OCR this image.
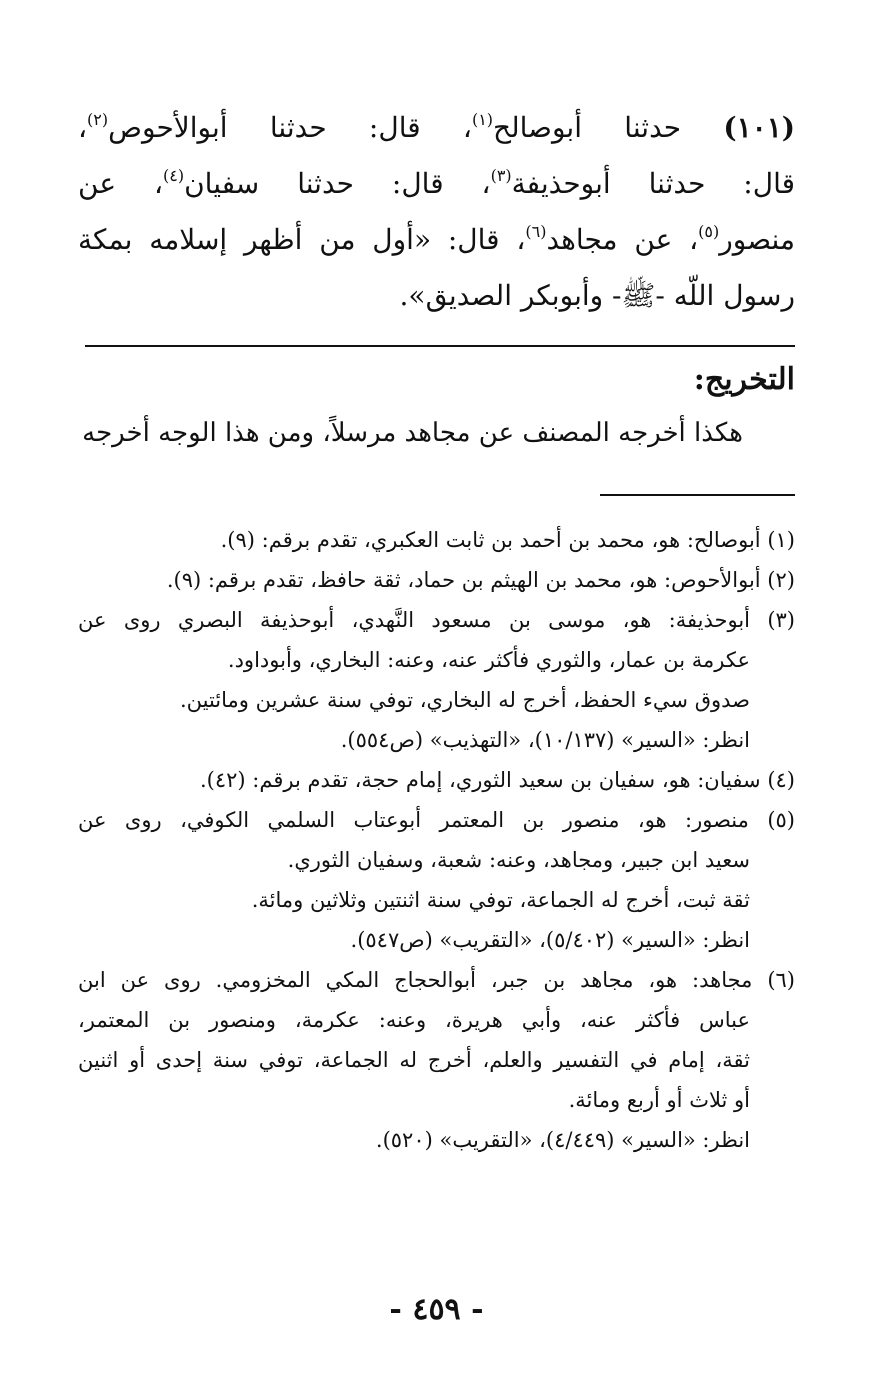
(١٠١) حدثنا أبوصالح$^{(١)}$، قال: حدثنا أبوالأحوص$^{(٢)}$،
قال: حدثنا أبوحذيفة$^{(٣)}$، قال: حدثنا سفيان$^{(٤)}$، عن
منصور$^{(٥)}$، عن مجاهد$^{(٦)}$، قال: «أول من أظهر إسلامه بمكة
رسول اللّه -ﷺ- وأبوبكر الصديق».
التخريج:
هكذا أخرجه المصنف عن مجاهد مرسلاً، ومن هذا الوجه أخرجه
(١) أبوصالح: هو، محمد بن أحمد بن ثابت العكبري، تقدم برقم: (٩).
(٢) أبوالأحوص: هو، محمد بن الهيثم بن حماد، ثقة حافظ، تقدم برقم: (٩).
(٣) أبوحذيفة: هو، موسى بن مسعود النَّهدي، أبوحذيفة البصري روى عن
عكرمة بن عمار، والثوري فأكثر عنه، وعنه: البخاري، وأبوداود.
صدوق سيء الحفظ، أخرج له البخاري، توفي سنة عشرين ومائتين.
انظر: «السير» (١٠/١٣٧)، «التهذيب» (ص٥٥٤).
(٤) سفيان: هو، سفيان بن سعيد الثوري، إمام حجة، تقدم برقم: (٤٢).
(٥) منصور: هو، منصور بن المعتمر أبوعتاب السلمي الكوفي، روى عن
سعيد ابن جبير، ومجاهد، وعنه: شعبة، وسفيان الثوري.
ثقة ثبت، أخرج له الجماعة، توفي سنة اثنتين وثلاثين ومائة.
انظر: «السير» (٥/٤٠٢)، «التقريب» (ص٥٤٧).
(٦) مجاهد: هو، مجاهد بن جبر، أبوالحجاج المكي المخزومي. روى عن ابن
عباس فأكثر عنه، وأبي هريرة، وعنه: عكرمة، ومنصور بن المعتمر،
ثقة، إمام في التفسير والعلم، أخرج له الجماعة، توفي سنة إحدى أو اثنين
أو ثلاث أو أربع ومائة.
انظر: «السير» (٤/٤٤٩)، «التقريب» (٥٢٠).
- ٤٥٩ -
